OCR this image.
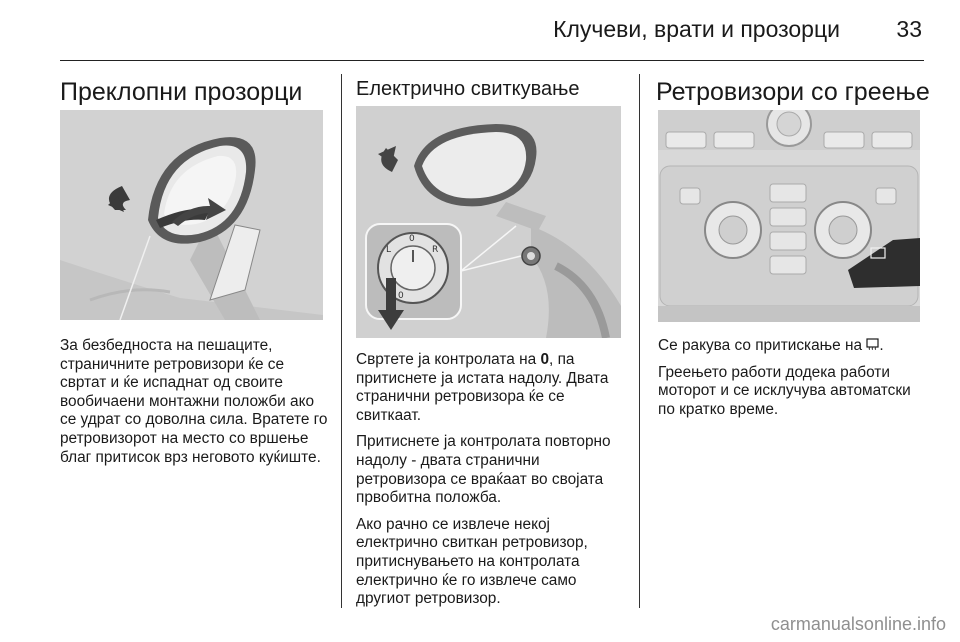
Клучеви, врати и прозорци 33
Преклопни прозорци

За безбедноста на пешаците, страничните ретровизори ќе се свртат и ќе испаднат од своите вообичаени монтажни положби ако се удрат со доволна сила. Вратете го ретровизорот на место со вршење благ притисок врз неговото куќиште.

Електрично свиткување
L
0
R
0

Свртете ја контролата на 0, па притиснете ја истата надолу. Двата странични ретровизора ќе се свиткаат.

Притиснете ја контролата повторно надолу - двата странични ретровизора се враќаат во својата првобитна положба.

Ако рачно се извлече некој електрично свиткан ретровизор, притиснувањето на контролата електрично ќе го извлече само другиот ретровизор.

Ретровизори со греење

Се ракува со притискање на .

Греењето работи додека работи моторот и се исклучува автоматски по кратко време.

carmanualsonline.info
